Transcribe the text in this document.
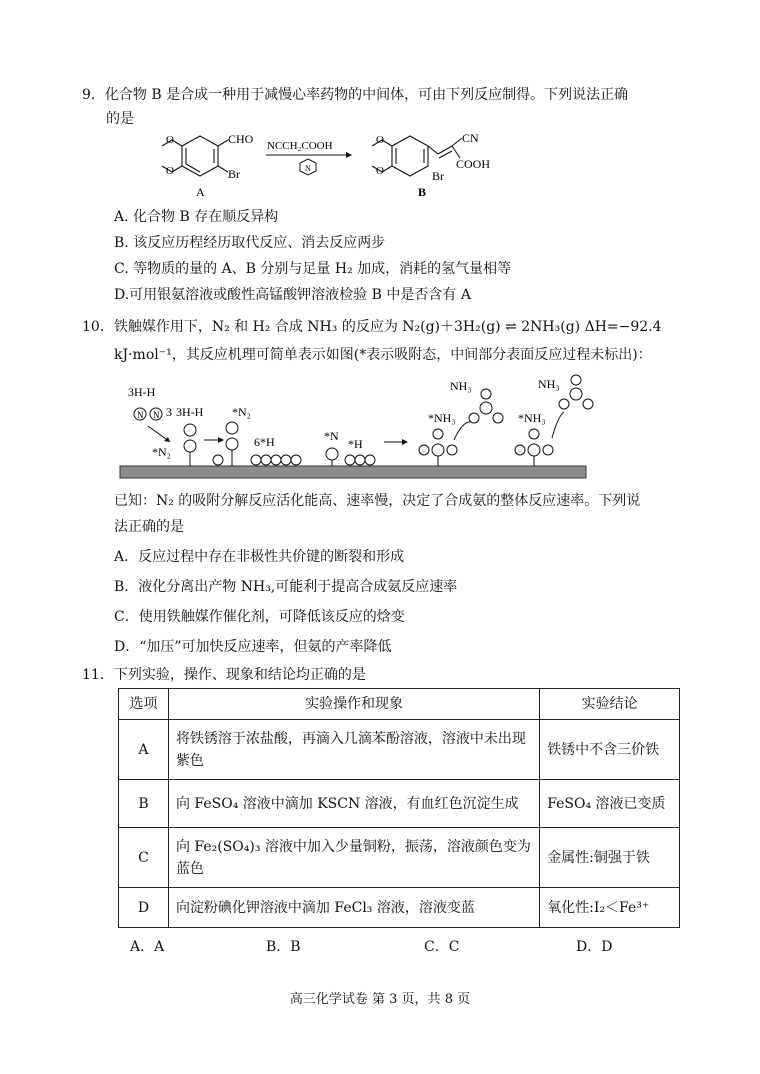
9．化合物 B 是合成一种用于减慢心率药物的中间体，可由下列反应制得。下列说法正确
的是
O
O
CHO
Br
A
NCCH₂COOH
N
O
O
CN
COOH
Br
B
A. 化合物 B 存在顺反异构
B. 该反应历程经历取代反应、消去反应两步
C. 等物质的量的 A、B 分别与足量 H₂ 加成，消耗的氢气量相等
D.可用银氨溶液或酸性高锰酸钾溶液检验 B 中是否含有 A
10．铁触媒作用下，N₂ 和 H₂ 合成 NH₃ 的反应为 N₂(g)＋3H₂(g) ⇌ 2NH₃(g) ΔH=−92.4
kJ·mol⁻¹，其反应机理可简单表示如图(*表示吸附态，中间部分表面反应过程未标出)：
3H-H
N N 3 3H-H
*N₂
*N₂
6*H	*N
*H
*NH₃
NH₃
*NH₃
NH₃
已知：N₂ 的吸附分解反应活化能高、速率慢，决定了合成氨的整体反应速率。下列说
法正确的是
A．反应过程中存在非极性共价键的断裂和形成
B．液化分离出产物 NH₃,可能利于提高合成氨反应速率
C．使用铁触媒作催化剂，可降低该反应的焓变
D．“加压”可加快反应速率，但氨的产率降低
11．下列实验，操作、现象和结论均正确的是
选项	实验操作和现象	实验结论
A	将铁锈溶于浓盐酸，再滴入几滴苯酚溶液，溶液中未出现紫色	铁锈中不含三价铁
B	向 FeSO₄ 溶液中滴加 KSCN 溶液，有血红色沉淀生成	FeSO₄ 溶液已变质
C	向 Fe₂(SO₄)₃ 溶液中加入少量铜粉，振荡，溶液颜色变为蓝色	金属性:铜强于铁
D	向淀粉碘化钾溶液中滴加 FeCl₃ 溶液，溶液变蓝	氧化性:I₂＜Fe³⁺
A．A	B．B	C．C	D．D
高三化学试卷 第 3 页，共 8 页
